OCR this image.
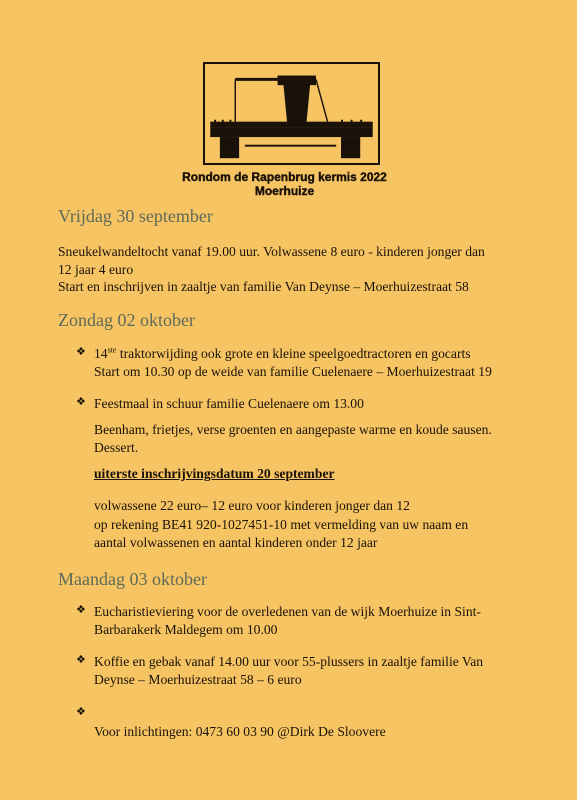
Rondom de Rapenbrug kermis 2022
Moerhuize
Vrijdag 30 september
Sneukelwandeltocht vanaf 19.00 uur. Volwassene 8 euro - kinderen jonger dan
12 jaar 4 euro
Start en inschrijven in zaaltje van familie Van Deynse – Moerhuizestraat 58
Zondag 02 oktober
❖ 14ste traktorwijding ook grote en kleine speelgoedtractoren en gocarts
Start om 10.30 op de weide van familie Cuelenaere – Moerhuizestraat 19
❖ Feestmaal in schuur familie Cuelenaere om 13.00
Beenham, frietjes, verse groenten en aangepaste warme en koude sausen.
Dessert.
uiterste inschrijvingsdatum 20 september
volwassene 22 euro– 12 euro voor kinderen jonger dan 12
op rekening BE41 920-1027451-10 met vermelding van uw naam en
aantal volwassenen en aantal kinderen onder 12 jaar
Maandag 03 oktober
❖ Eucharistieviering voor de overledenen van de wijk Moerhuize in Sint-
Barbarakerk Maldegem om 10.00
❖ Koffie en gebak vanaf 14.00 uur voor 55-plussers in zaaltje familie Van
Deynse – Moerhuizestraat 58 – 6 euro
❖
Voor inlichtingen: 0473 60 03 90 @Dirk De Sloovere
